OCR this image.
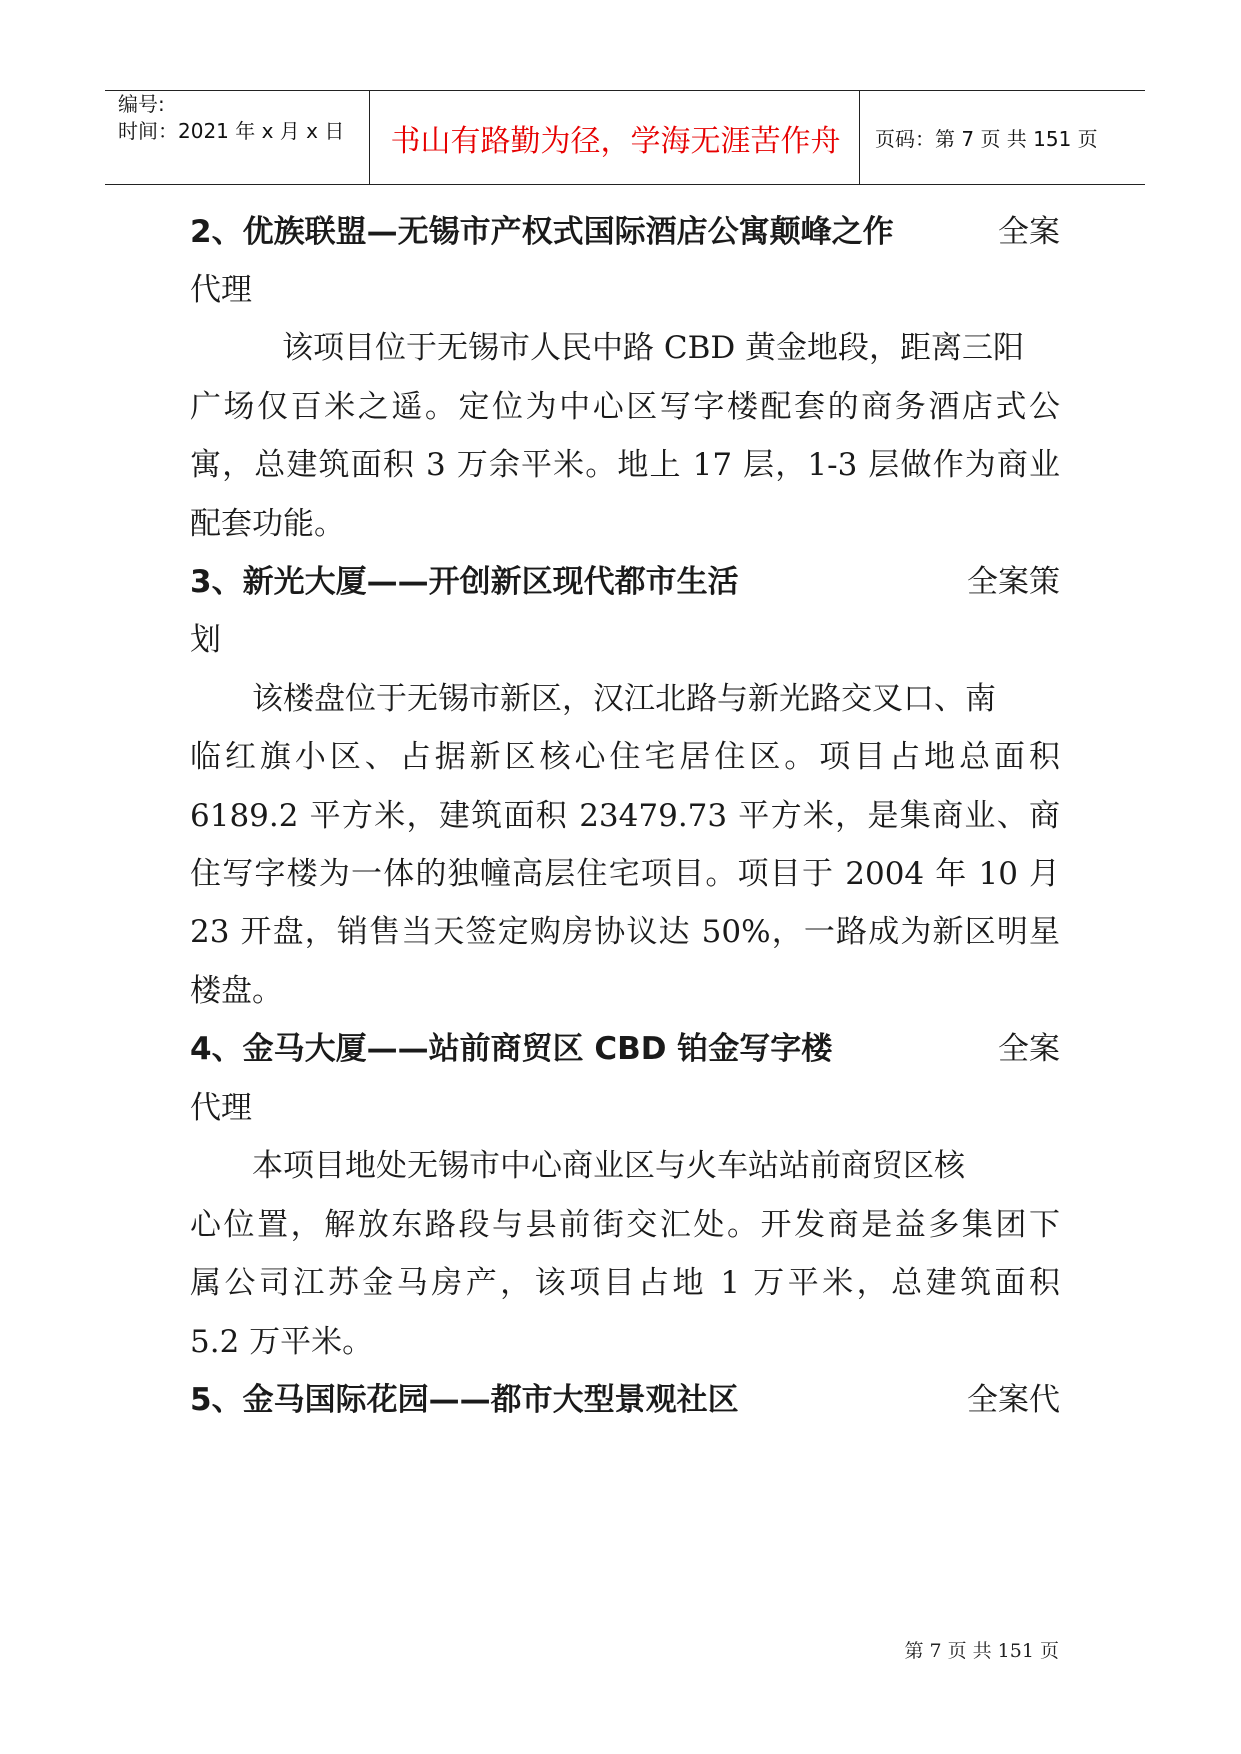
编号:
时间：2021 年 x 月 x 日	书山有路勤为径，学海无涯苦作舟	页码：第 7 页 共 151 页
2、优族联盟—无锡市产权式国际酒店公寓颠峰之作	全案
代理
该项目位于无锡市人民中路 CBD 黄金地段，距离三阳
广场仅百米之遥。定位为中心区写字楼配套的商务酒店式公
寓，总建筑面积 3 万余平米。地上 17 层，1-3 层做作为商业
配套功能。
3、新光大厦——开创新区现代都市生活	全案策
划
该楼盘位于无锡市新区，汉江北路与新光路交叉口、南
临红旗小区、占据新区核心住宅居住区。项目占地总面积
6189.2 平方米，建筑面积 23479.73 平方米，是集商业、商
住写字楼为一体的独幢高层住宅项目。项目于 2004 年 10 月
23 开盘，销售当天签定购房协议达 50%，一路成为新区明星
楼盘。
4、金马大厦——站前商贸区 CBD 铂金写字楼	全案
代理
本项目地处无锡市中心商业区与火车站站前商贸区核
心位置，解放东路段与县前街交汇处。开发商是益多集团下
属公司江苏金马房产，该项目占地 1 万平米，总建筑面积
5.2 万平米。
5、金马国际花园——都市大型景观社区	全案代
第 7 页 共 151 页
